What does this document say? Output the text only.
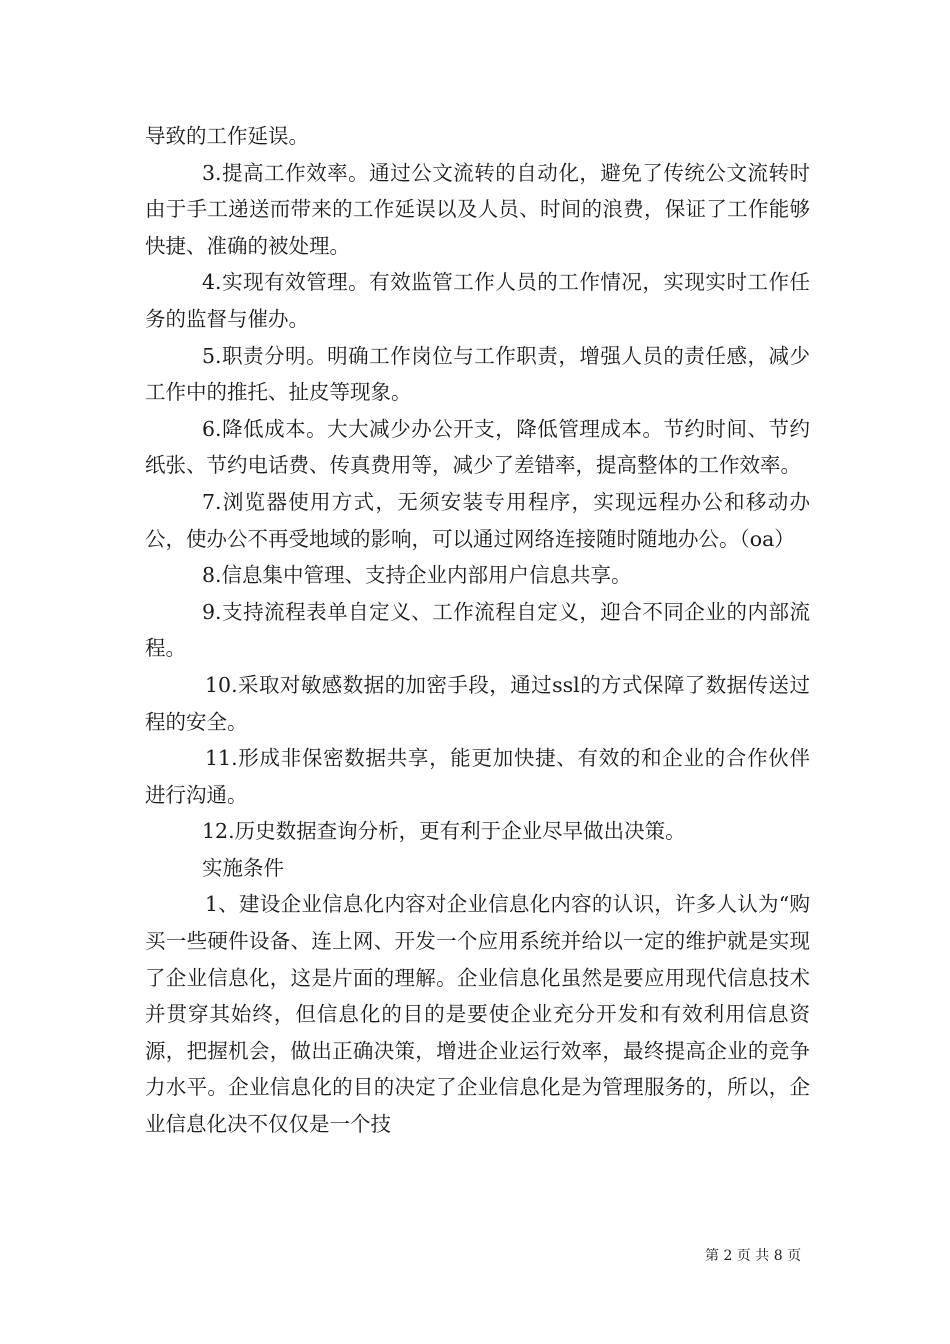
导致的工作延误。

3.提高工作效率。通过公文流转的自动化，避免了传统公文流转时由于手工递送而带来的工作延误以及人员、时间的浪费，保证了工作能够快捷、准确的被处理。

4.实现有效管理。有效监管工作人员的工作情况，实现实时工作任务的监督与催办。

5.职责分明。明确工作岗位与工作职责，增强人员的责任感，减少工作中的推托、扯皮等现象。

6.降低成本。大大减少办公开支，降低管理成本。节约时间、节约纸张、节约电话费、传真费用等，减少了差错率，提高整体的工作效率。

7.浏览器使用方式，无须安装专用程序，实现远程办公和移动办公，使办公不再受地域的影响，可以通过网络连接随时随地办公。（oa）

8.信息集中管理、支持企业内部用户信息共享。

9.支持流程表单自定义、工作流程自定义，迎合不同企业的内部流程。

10.采取对敏感数据的加密手段，通过ssl的方式保障了数据传送过程的安全。

11.形成非保密数据共享，能更加快捷、有效的和企业的合作伙伴进行沟通。

12.历史数据查询分析，更有利于企业尽早做出决策。

实施条件

1、建设企业信息化内容对企业信息化内容的认识，许多人认为“购买一些硬件设备、连上网、开发一个应用系统并给以一定的维护就是实现了企业信息化，这是片面的理解。企业信息化虽然是要应用现代信息技术并贯穿其始终，但信息化的目的是要使企业充分开发和有效利用信息资源，把握机会，做出正确决策，增进企业运行效率，最终提高企业的竞争力水平。企业信息化的目的决定了企业信息化是为管理服务的，所以，企业信息化决不仅仅是一个技

第 2 页 共 8 页
